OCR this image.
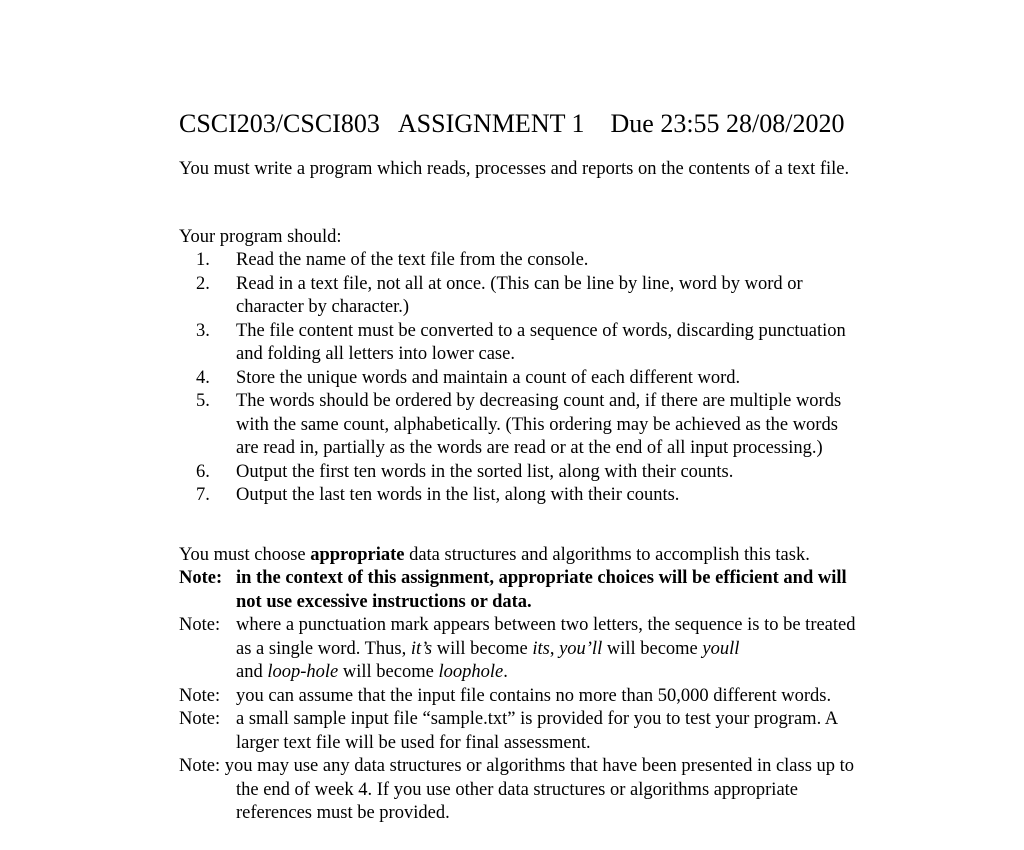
CSCI203/CSCI803 ASSIGNMENT 1 Due 23:55 28/08/2020
You must write a program which reads, processes and reports on the contents of a text file.
Your program should:
1.	Read the name of the text file from the console.
2.	Read in a text file, not all at once. (This can be line by line, word by word or character by character.)
3.	The file content must be converted to a sequence of words, discarding punctuation and folding all letters into lower case.
4.	Store the unique words and maintain a count of each different word.
5.	The words should be ordered by decreasing count and, if there are multiple words with the same count, alphabetically. (This ordering may be achieved as the words are read in, partially as the words are read or at the end of all input processing.)
6.	Output the first ten words in the sorted list, along with their counts.
7.	Output the last ten words in the list, along with their counts.
You must choose appropriate data structures and algorithms to accomplish this task.
Note: in the context of this assignment, appropriate choices will be efficient and will not use excessive instructions or data.
Note: where a punctuation mark appears between two letters, the sequence is to be treated as a single word. Thus, it’s will become its, you’ll will become youll
and loop-hole will become loophole.
Note: you can assume that the input file contains no more than 50,000 different words.
Note: a small sample input file “sample.txt” is provided for you to test your program. A larger text file will be used for final assessment.
Note: you may use any data structures or algorithms that have been presented in class up to the end of week 4. If you use other data structures or algorithms appropriate references must be provided.
